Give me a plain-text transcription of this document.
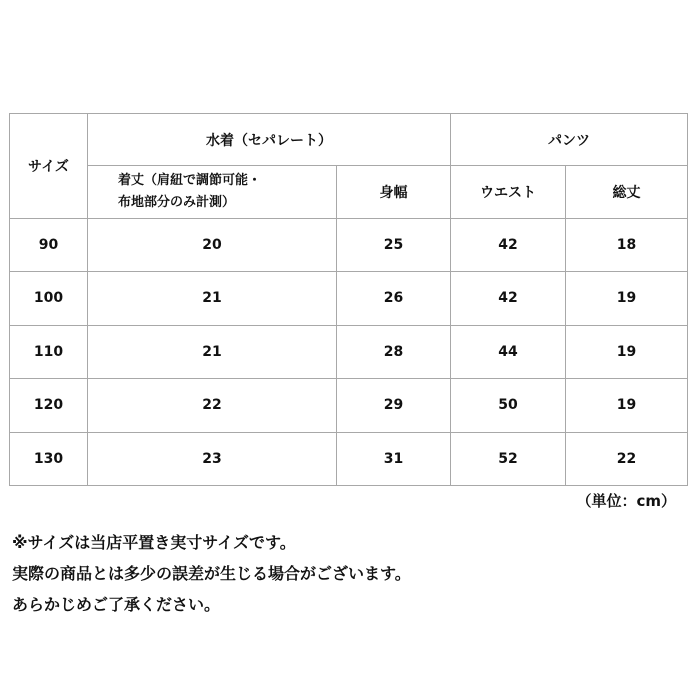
サイズ	水着（セパレート）		パンツ	

	着丈（肩紐で調節可能・
布地部分のみ計測）	身幅	ウエスト	総丈
90	20	25	42	18
100	21	26	42	19
110	21	28	44	19
120	22	29	50	19
130	23	31	52	22
（単位：cm）
※サイズは当店平置き実寸サイズです。
実際の商品とは多少の誤差が生じる場合がございます。
あらかじめご了承ください。
